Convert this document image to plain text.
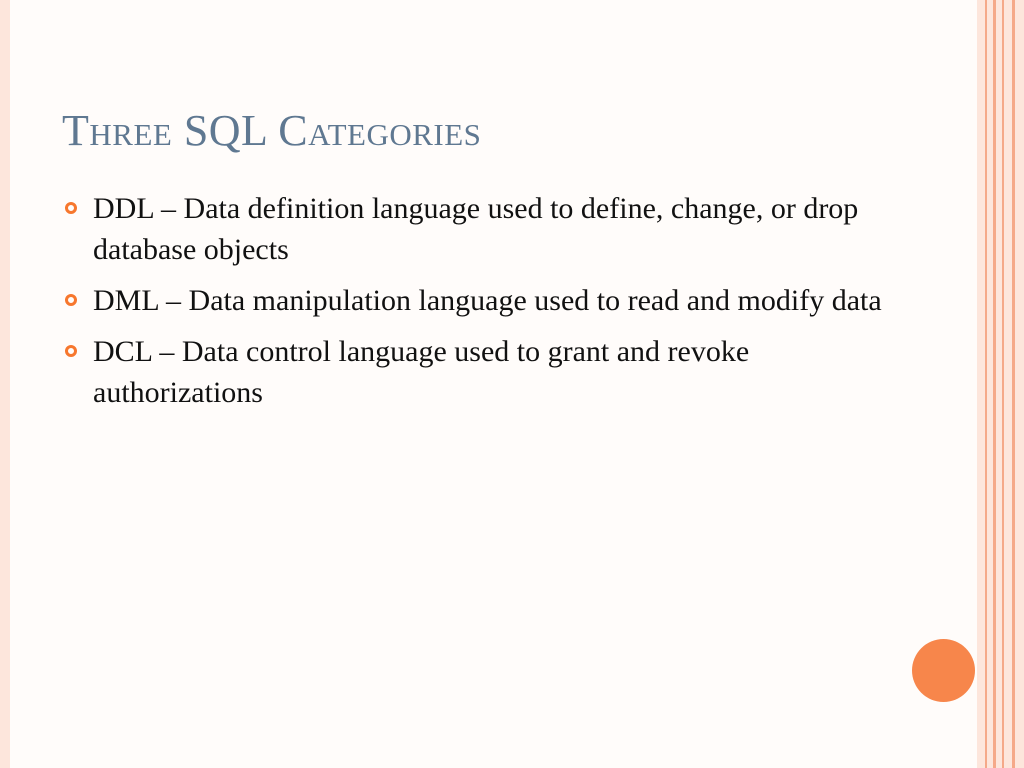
Three SQL Categories
DDL – Data definition language used to define, change, or drop database objects
DML – Data manipulation language used to read and modify data
DCL – Data control language used to grant and revoke authorizations
